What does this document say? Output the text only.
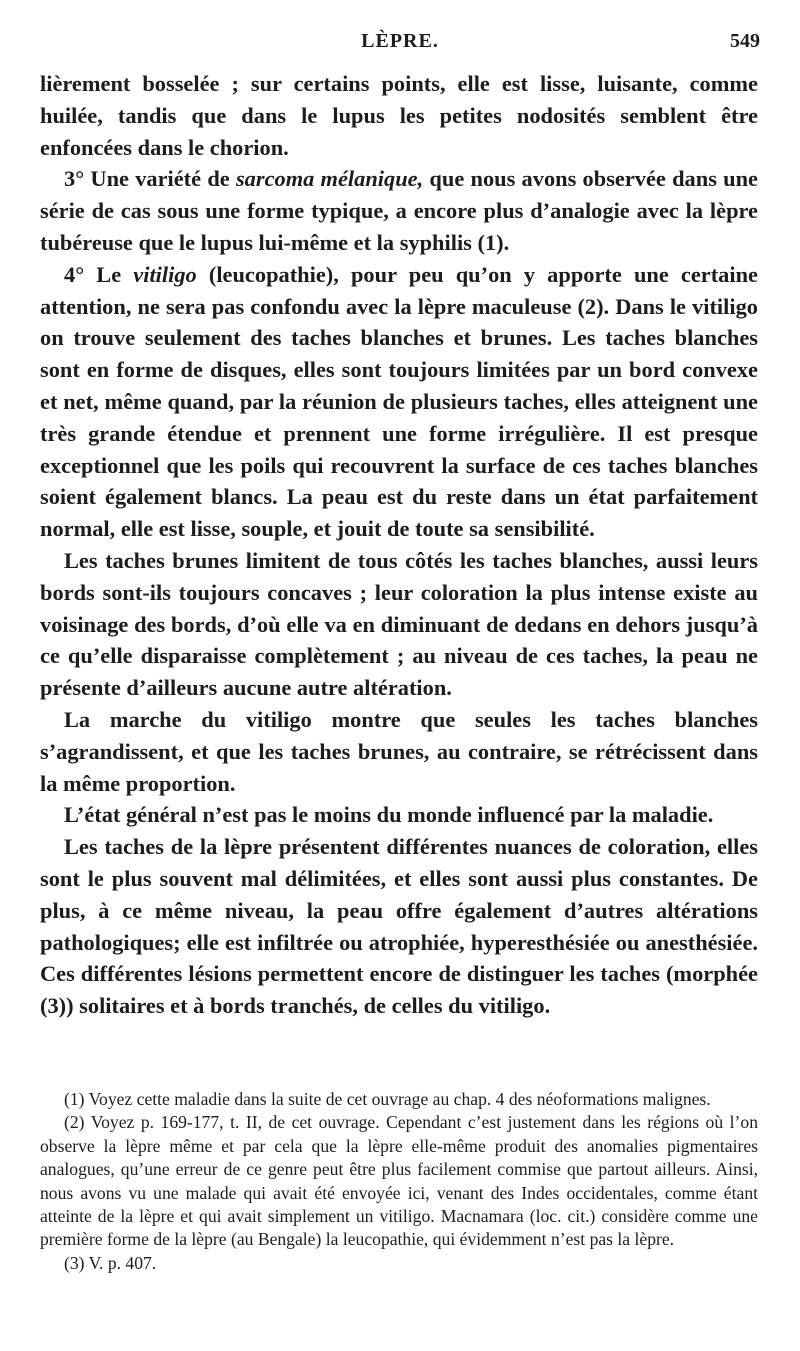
LÈPRE.	549

lièrement bosselée ; sur certains points, elle est lisse, luisante, comme huilée, tandis que dans le lupus les petites nodosités semblent être enfoncées dans le chorion.

3° Une variété de sarcoma mélanique, que nous avons observée dans une série de cas sous une forme typique, a encore plus d’analogie avec la lèpre tubéreuse que le lupus lui-même et la syphilis (1).

4° Le vitiligo (leucopathie), pour peu qu’on y apporte une certaine attention, ne sera pas confondu avec la lèpre maculeuse (2). Dans le vitiligo on trouve seulement des taches blanches et brunes. Les taches blanches sont en forme de disques, elles sont toujours limitées par un bord convexe et net, même quand, par la réunion de plusieurs taches, elles atteignent une très grande étendue et prennent une forme irrégulière. Il est presque exceptionnel que les poils qui recouvrent la surface de ces taches blanches soient également blancs. La peau est du reste dans un état parfaitement normal, elle est lisse, souple, et jouit de toute sa sensibilité.

Les taches brunes limitent de tous côtés les taches blanches, aussi leurs bords sont-ils toujours concaves ; leur coloration la plus intense existe au voisinage des bords, d’où elle va en diminuant de dedans en dehors jusqu’à ce qu’elle disparaisse complètement ; au niveau de ces taches, la peau ne présente d’ailleurs aucune autre altération.

La marche du vitiligo montre que seules les taches blanches s’agrandissent, et que les taches brunes, au contraire, se rétrécissent dans la même proportion.

L’état général n’est pas le moins du monde influencé par la maladie.

Les taches de la lèpre présentent différentes nuances de coloration, elles sont le plus souvent mal délimitées, et elles sont aussi plus constantes. De plus, à ce même niveau, la peau offre également d’autres altérations pathologiques; elle est infiltrée ou atrophiée, hyperesthésiée ou anesthésiée. Ces différentes lésions permettent encore de distinguer les taches (morphée (3)) solitaires et à bords tranchés, de celles du vitiligo.

(1) Voyez cette maladie dans la suite de cet ouvrage au chap. 4 des néoformations malignes.

(2) Voyez p. 169-177, t. II, de cet ouvrage. Cependant c’est justement dans les régions où l’on observe la lèpre même et par cela que la lèpre elle-même produit des anomalies pigmentaires analogues, qu’une erreur de ce genre peut être plus facilement commise que partout ailleurs. Ainsi, nous avons vu une malade qui avait été envoyée ici, venant des Indes occidentales, comme étant atteinte de la lèpre et qui avait simplement un vitiligo. Macnamara (loc. cit.) considère comme une première forme de la lèpre (au Bengale) la leucopathie, qui évidemment n’est pas la lèpre.

(3) V. p. 407.
